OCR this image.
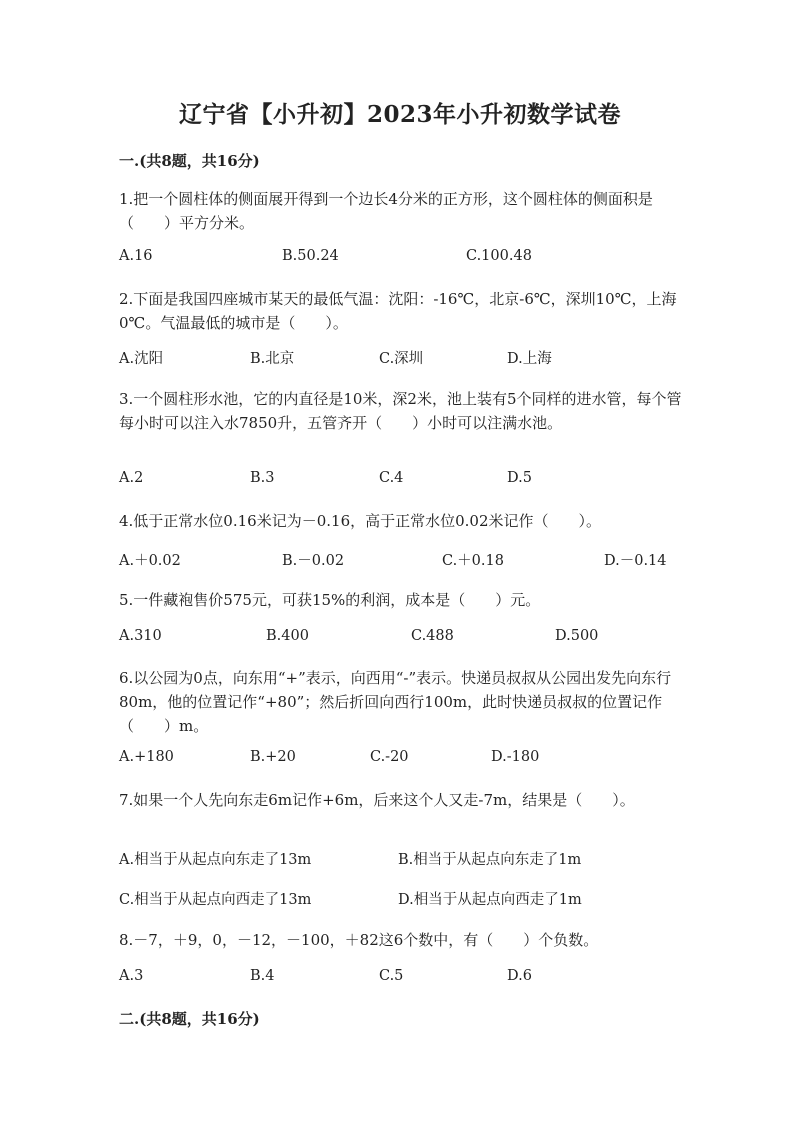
辽宁省【小升初】2023年小升初数学试卷
一.(共8题，共16分)
1.把一个圆柱体的侧面展开得到一个边长4分米的正方形，这个圆柱体的侧面积是（　　）平方分米。
A.16	B.50.24	C.100.48
2.下面是我国四座城市某天的最低气温：沈阳：-16℃，北京-6℃，深圳10℃，上海0℃。气温最低的城市是（　　）。
A.沈阳	B.北京	C.深圳	D.上海
3.一个圆柱形水池，它的内直径是10米，深2米，池上装有5个同样的进水管，每个管每小时可以注入水7850升，五管齐开（　　）小时可以注满水池。
A.2	B.3	C.4	D.5
4.低于正常水位0.16米记为－0.16，高于正常水位0.02米记作（　　）。
A.＋0.02	B.－0.02	C.＋0.18	D.－0.14
5.一件藏袍售价575元，可获15%的利润，成本是（　　）元。
A.310	B.400	C.488	D.500
6.以公园为0点，向东用“+”表示，向西用“-”表示。快递员叔叔从公园出发先向东行80m，他的位置记作“+80”；然后折回向西行100m，此时快递员叔叔的位置记作（　　）m。
A.+180	B.+20	C.-20	D.-180
7.如果一个人先向东走6m记作+6m，后来这个人又走-7m，结果是（　　）。
A.相当于从起点向东走了13m	B.相当于从起点向东走了1m
C.相当于从起点向西走了13m	D.相当于从起点向西走了1m
8.－7，＋9，0，－12，－100，＋82这6个数中，有（　　）个负数。
A.3	B.4	C.5	D.6
二.(共8题，共16分)
